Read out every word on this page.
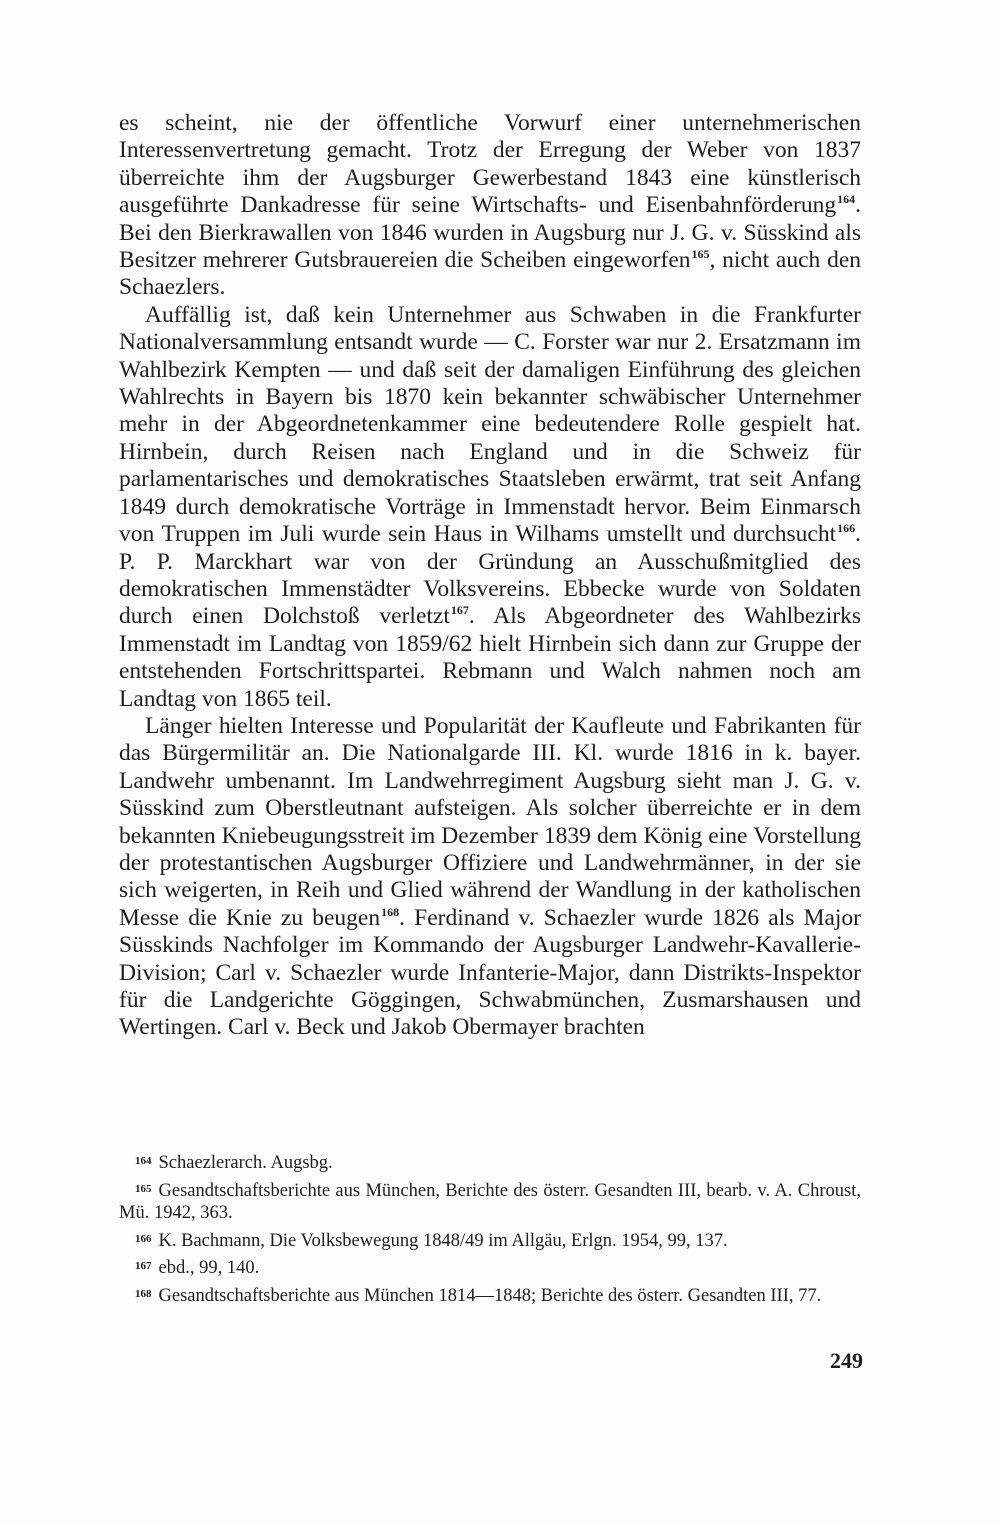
es scheint, nie der öffentliche Vorwurf einer unternehmerischen Interessenvertretung gemacht. Trotz der Erregung der Weber von 1837 überreichte ihm der Augsburger Gewerbestand 1843 eine künstlerisch ausgeführte Dankadresse für seine Wirtschafts- und Eisenbahnförderung$^{164}$. Bei den Bierkrawallen von 1846 wurden in Augsburg nur J. G. v. Süsskind als Besitzer mehrerer Gutsbrauereien die Scheiben eingeworfen$^{165}$, nicht auch den Schaezlers.

Auffällig ist, daß kein Unternehmer aus Schwaben in die Frankfurter Nationalversammlung entsandt wurde — C. Forster war nur 2. Ersatzmann im Wahlbezirk Kempten — und daß seit der damaligen Einführung des gleichen Wahlrechts in Bayern bis 1870 kein bekannter schwäbischer Unternehmer mehr in der Abgeordnetenkammer eine bedeutendere Rolle gespielt hat. Hirnbein, durch Reisen nach England und in die Schweiz für parlamentarisches und demokratisches Staatsleben erwärmt, trat seit Anfang 1849 durch demokratische Vorträge in Immenstadt hervor. Beim Einmarsch von Truppen im Juli wurde sein Haus in Wilhams umstellt und durchsucht$^{166}$. P. P. Marckhart war von der Gründung an Ausschußmitglied des demokratischen Immenstädter Volksvereins. Ebbecke wurde von Soldaten durch einen Dolchstoß verletzt$^{167}$. Als Abgeordneter des Wahlbezirks Immenstadt im Landtag von 1859/62 hielt Hirnbein sich dann zur Gruppe der entstehenden Fortschrittspartei. Rebmann und Walch nahmen noch am Landtag von 1865 teil.

Länger hielten Interesse und Popularität der Kaufleute und Fabrikanten für das Bürgermilitär an. Die Nationalgarde III. Kl. wurde 1816 in k. bayer. Landwehr umbenannt. Im Landwehrregiment Augsburg sieht man J. G. v. Süsskind zum Oberstleutnant aufsteigen. Als solcher überreichte er in dem bekannten Kniebeugungsstreit im Dezember 1839 dem König eine Vorstellung der protestantischen Augsburger Offiziere und Landwehrmänner, in der sie sich weigerten, in Reih und Glied während der Wandlung in der katholischen Messe die Knie zu beugen$^{168}$. Ferdinand v. Schaezler wurde 1826 als Major Süsskinds Nachfolger im Kommando der Augsburger Landwehr-Kavallerie-Division; Carl v. Schaezler wurde Infanterie-Major, dann Distrikts-Inspektor für die Landgerichte Göggingen, Schwabmünchen, Zusmarshausen und Wertingen. Carl v. Beck und Jakob Obermayer brachten

$^{164}$ Schaezlerarch. Augsbg.

$^{165}$ Gesandtschaftsberichte aus München, Berichte des österr. Gesandten III, bearb. v. A. Chroust, Mü. 1942, 363.

$^{166}$ K. Bachmann, Die Volksbewegung 1848/49 im Allgäu, Erlgn. 1954, 99, 137.

$^{167}$ ebd., 99, 140.

$^{168}$ Gesandtschaftsberichte aus München 1814—1848; Berichte des österr. Gesandten III, 77.

249
